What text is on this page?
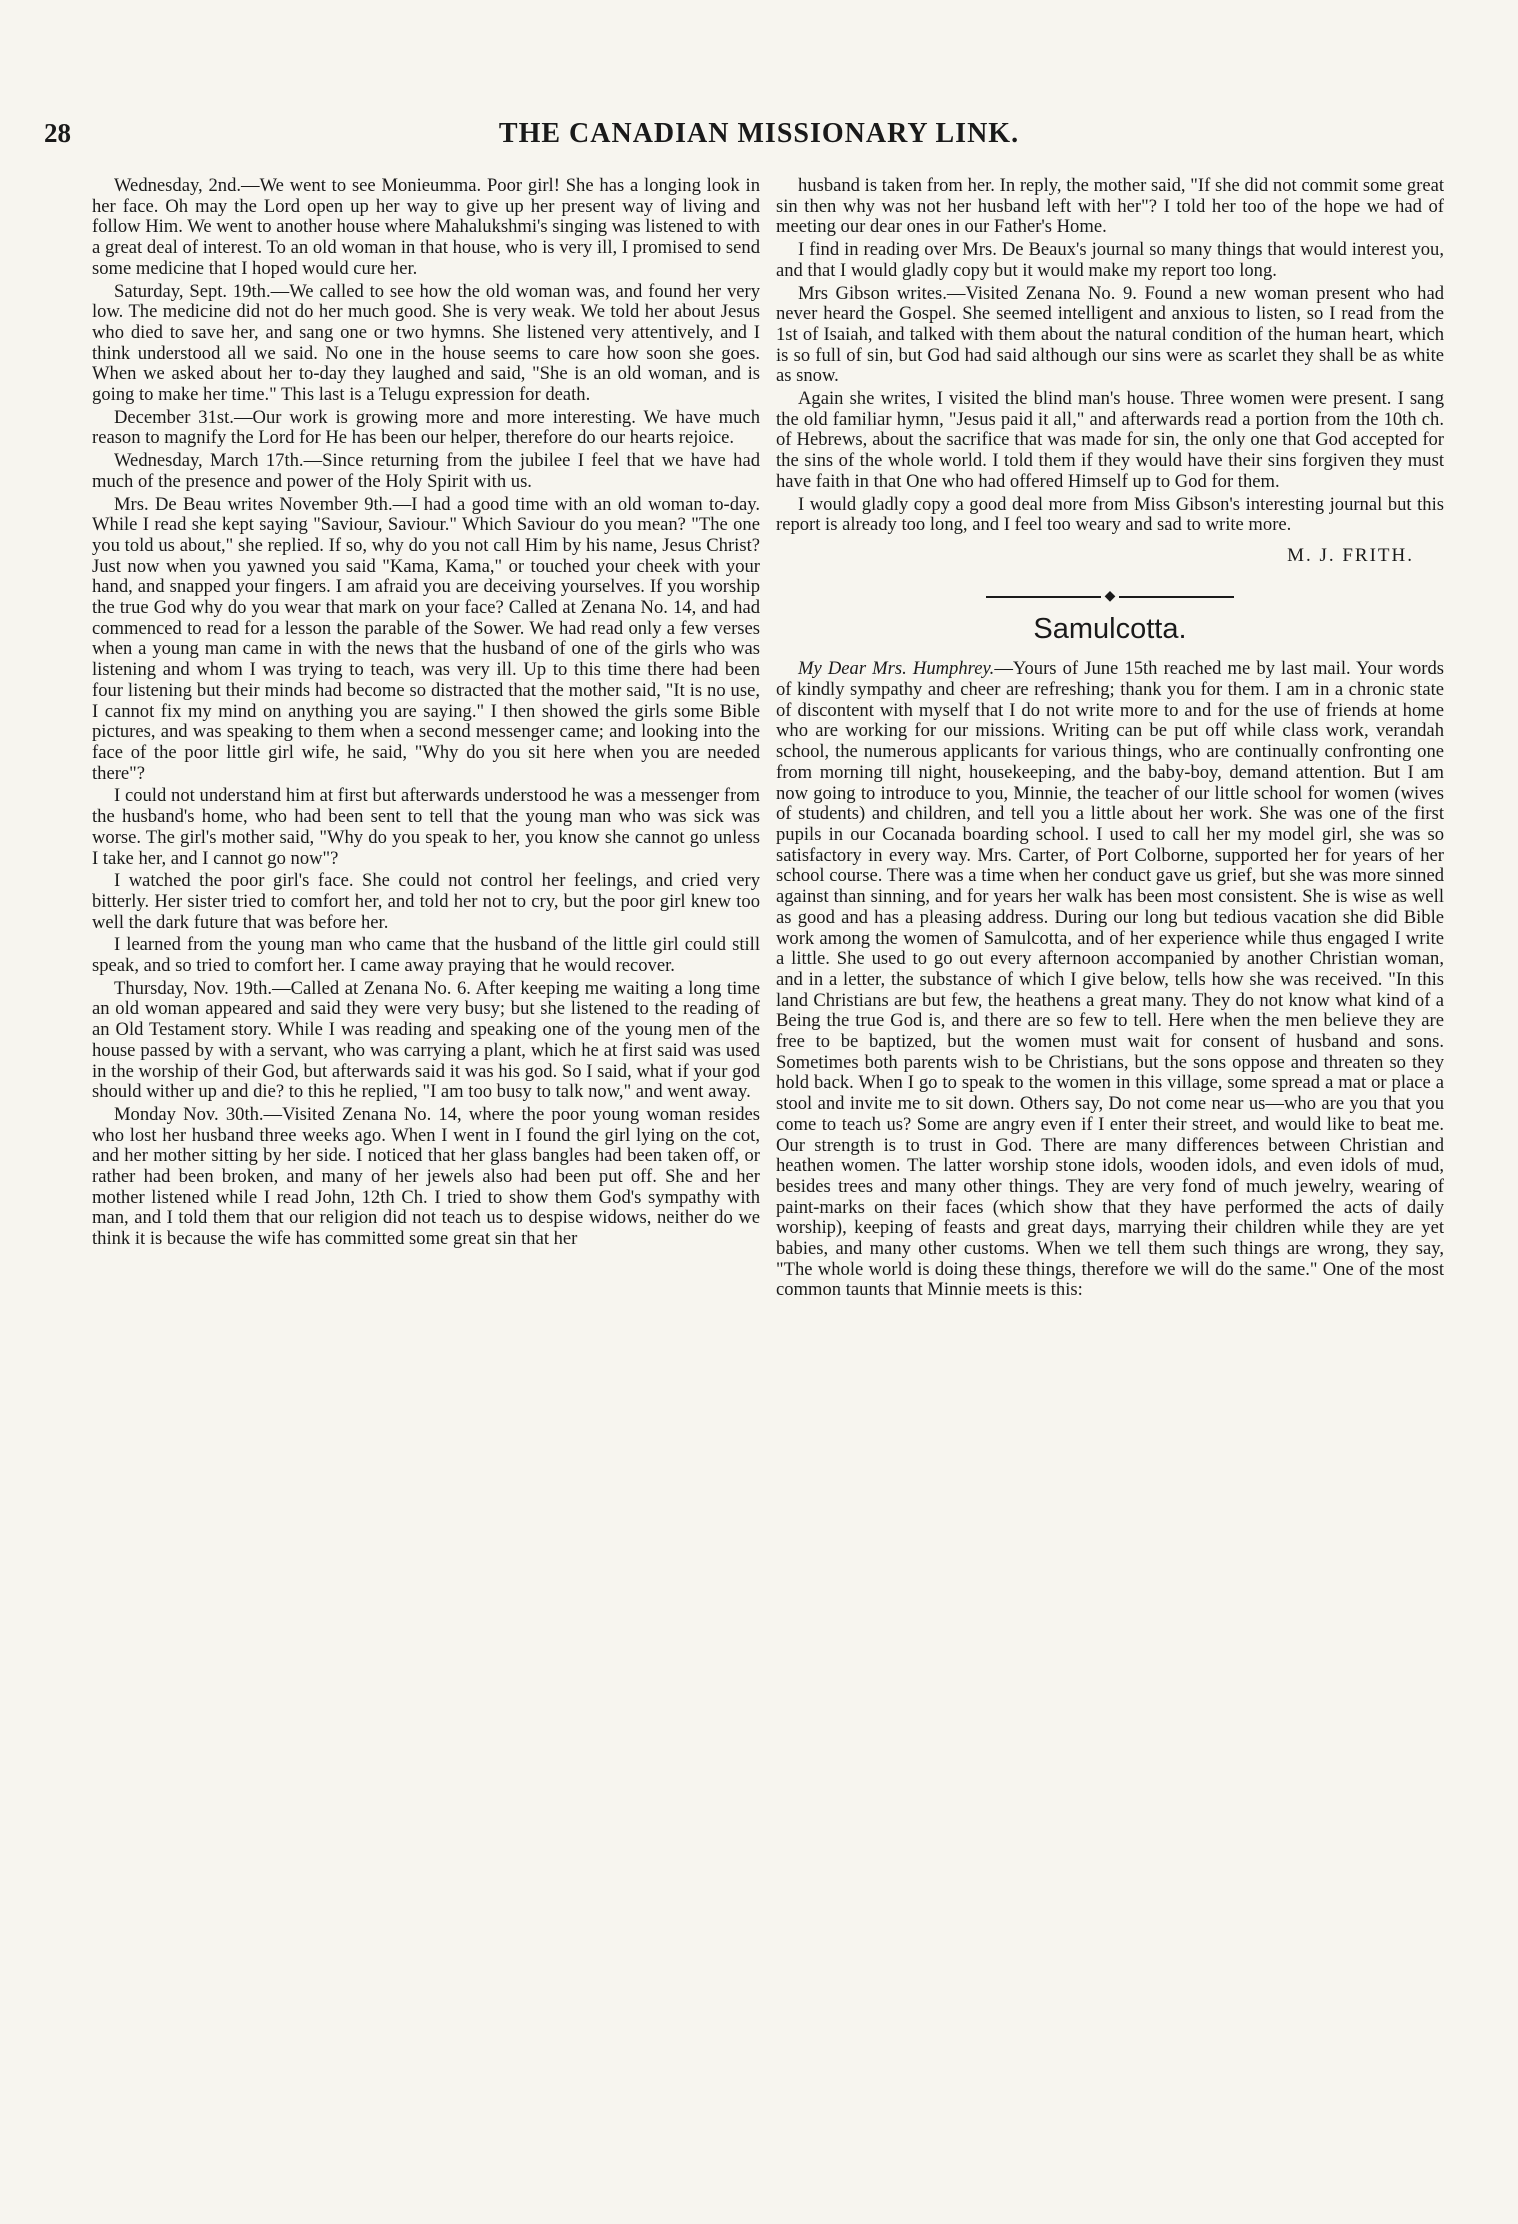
28	THE CANADIAN MISSIONARY LINK.

Wednesday, 2nd.—We went to see Monieumma. Poor girl! She has a longing look in her face. Oh may the Lord open up her way to give up her present way of living and follow Him. We went to another house where Mahalukshmi's singing was listened to with a great deal of interest. To an old woman in that house, who is very ill, I promised to send some medicine that I hoped would cure her.

Saturday, Sept. 19th.—We called to see how the old woman was, and found her very low. The medicine did not do her much good. She is very weak. We told her about Jesus who died to save her, and sang one or two hymns. She listened very attentively, and I think understood all we said. No one in the house seems to care how soon she goes. When we asked about her to-day they laughed and said, "She is an old woman, and is going to make her time." This last is a Telugu expression for death.

December 31st.—Our work is growing more and more interesting. We have much reason to magnify the Lord for He has been our helper, therefore do our hearts rejoice.

Wednesday, March 17th.—Since returning from the jubilee I feel that we have had much of the presence and power of the Holy Spirit with us.

Mrs. De Beau writes November 9th.—I had a good time with an old woman to-day. While I read she kept saying "Saviour, Saviour." Which Saviour do you mean? "The one you told us about," she replied. If so, why do you not call Him by his name, Jesus Christ? Just now when you yawned you said "Kama, Kama," or touched your cheek with your hand, and snapped your fingers. I am afraid you are deceiving yourselves. If you worship the true God why do you wear that mark on your face? Called at Zenana No. 14, and had commenced to read for a lesson the parable of the Sower. We had read only a few verses when a young man came in with the news that the husband of one of the girls who was listening and whom I was trying to teach, was very ill. Up to this time there had been four listening but their minds had become so distracted that the mother said, "It is no use, I cannot fix my mind on anything you are saying." I then showed the girls some Bible pictures, and was speaking to them when a second messenger came; and looking into the face of the poor little girl wife, he said, "Why do you sit here when you are needed there"?

I could not understand him at first but afterwards understood he was a messenger from the husband's home, who had been sent to tell that the young man who was sick was worse. The girl's mother said, "Why do you speak to her, you know she cannot go unless I take her, and I cannot go now"?

I watched the poor girl's face. She could not control her feelings, and cried very bitterly. Her sister tried to comfort her, and told her not to cry, but the poor girl knew too well the dark future that was before her.

I learned from the young man who came that the husband of the little girl could still speak, and so tried to comfort her. I came away praying that he would recover.

Thursday, Nov. 19th.—Called at Zenana No. 6. After keeping me waiting a long time an old woman appeared and said they were very busy; but she listened to the reading of an Old Testament story. While I was reading and speaking one of the young men of the house passed by with a servant, who was carrying a plant, which he at first said was used in the worship of their God, but afterwards said it was his god. So I said, what if your god should wither up and die? to this he replied, "I am too busy to talk now," and went away.

Monday Nov. 30th.—Visited Zenana No. 14, where the poor young woman resides who lost her husband three weeks ago. When I went in I found the girl lying on the cot, and her mother sitting by her side. I noticed that her glass bangles had been taken off, or rather had been broken, and many of her jewels also had been put off. She and her mother listened while I read John, 12th Ch. I tried to show them God's sympathy with man, and I told them that our religion did not teach us to despise widows, neither do we think it is because the wife has committed some great sin that her

husband is taken from her. In reply, the mother said, "If she did not commit some great sin then why was not her husband left with her"? I told her too of the hope we had of meeting our dear ones in our Father's Home.

I find in reading over Mrs. De Beaux's journal so many things that would interest you, and that I would gladly copy but it would make my report too long.

Mrs Gibson writes.—Visited Zenana No. 9. Found a new woman present who had never heard the Gospel. She seemed intelligent and anxious to listen, so I read from the 1st of Isaiah, and talked with them about the natural condition of the human heart, which is so full of sin, but God had said although our sins were as scarlet they shall be as white as snow.

Again she writes, I visited the blind man's house. Three women were present. I sang the old familiar hymn, "Jesus paid it all," and afterwards read a portion from the 10th ch. of Hebrews, about the sacrifice that was made for sin, the only one that God accepted for the sins of the whole world. I told them if they would have their sins forgiven they must have faith in that One who had offered Himself up to God for them.

I would gladly copy a good deal more from Miss Gibson's interesting journal but this report is already too long, and I feel too weary and sad to write more.

M. J. FRITH.
◆
Samulcotta.

My Dear Mrs. Humphrey.—Yours of June 15th reached me by last mail. Your words of kindly sympathy and cheer are refreshing; thank you for them. I am in a chronic state of discontent with myself that I do not write more to and for the use of friends at home who are working for our missions. Writing can be put off while class work, verandah school, the numerous applicants for various things, who are continually confronting one from morning till night, housekeeping, and the baby-boy, demand attention. But I am now going to introduce to you, Minnie, the teacher of our little school for women (wives of students) and children, and tell you a little about her work. She was one of the first pupils in our Cocanada boarding school. I used to call her my model girl, she was so satisfactory in every way. Mrs. Carter, of Port Colborne, supported her for years of her school course. There was a time when her conduct gave us grief, but she was more sinned against than sinning, and for years her walk has been most consistent. She is wise as well as good and has a pleasing address. During our long but tedious vacation she did Bible work among the women of Samulcotta, and of her experience while thus engaged I write a little. She used to go out every afternoon accompanied by another Christian woman, and in a letter, the substance of which I give below, tells how she was received. "In this land Christians are but few, the heathens a great many. They do not know what kind of a Being the true God is, and there are so few to tell. Here when the men believe they are free to be baptized, but the women must wait for consent of husband and sons. Sometimes both parents wish to be Christians, but the sons oppose and threaten so they hold back. When I go to speak to the women in this village, some spread a mat or place a stool and invite me to sit down. Others say, Do not come near us—who are you that you come to teach us? Some are angry even if I enter their street, and would like to beat me. Our strength is to trust in God. There are many differences between Christian and heathen women. The latter worship stone idols, wooden idols, and even idols of mud, besides trees and many other things. They are very fond of much jewelry, wearing of paint-marks on their faces (which show that they have performed the acts of daily worship), keeping of feasts and great days, marrying their children while they are yet babies, and many other customs. When we tell them such things are wrong, they say, "The whole world is doing these things, therefore we will do the same." One of the most common taunts that Minnie meets is this:
